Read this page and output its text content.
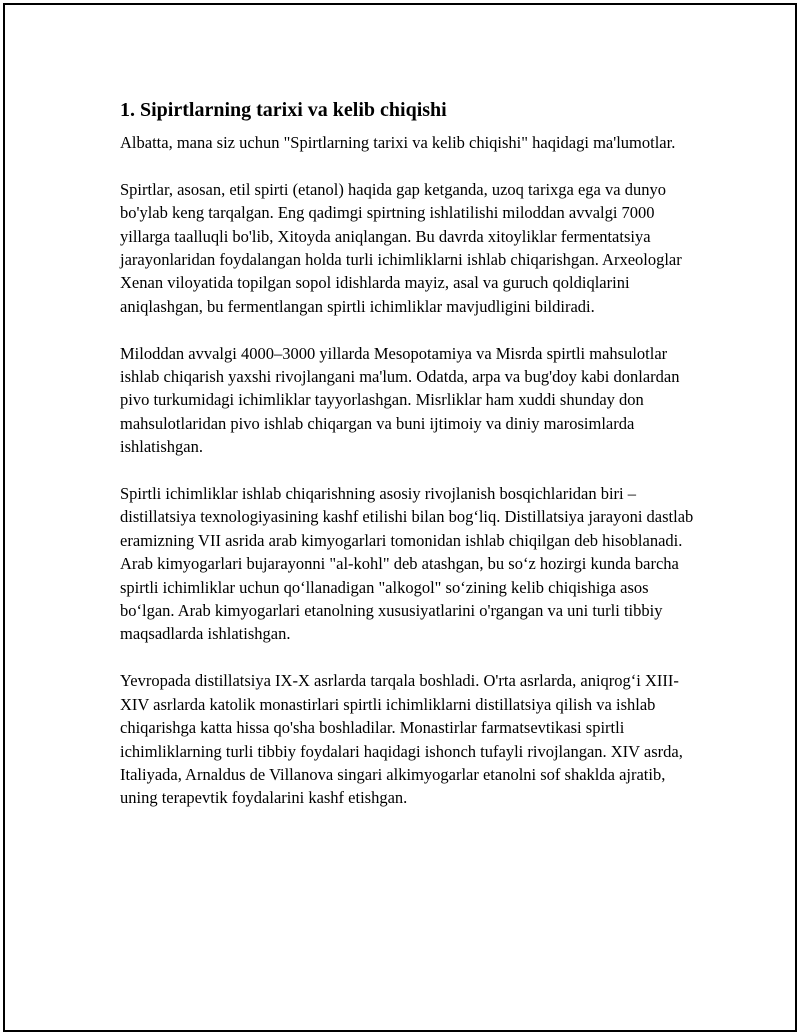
1. Sipirtlarning tarixi va kelib chiqishi

Albatta, mana siz uchun "Spirtlarning tarixi va kelib chiqishi" haqidagi ma'lumotlar.

Spirtlar, asosan, etil spirti (etanol) haqida gap ketganda, uzoq tarixga ega va dunyo bo'ylab keng tarqalgan. Eng qadimgi spirtning ishlatilishi miloddan avvalgi 7000 yillarga taalluqli bo'lib, Xitoyda aniqlangan. Bu davrda xitoyliklar fermentatsiya jarayonlaridan foydalangan holda turli ichimliklarni ishlab chiqarishgan. Arxeologlar Xenan viloyatida topilgan sopol idishlarda mayiz, asal va guruch qoldiqlarini aniqlashgan, bu fermentlangan spirtli ichimliklar mavjudligini bildiradi.

Miloddan avvalgi 4000–3000 yillarda Mesopotamiya va Misrda spirtli mahsulotlar ishlab chiqarish yaxshi rivojlangani ma'lum. Odatda, arpa va bug'doy kabi donlardan pivo turkumidagi ichimliklar tayyorlashgan. Misrliklar ham xuddi shunday don mahsulotlaridan pivo ishlab chiqargan va buni ijtimoiy va diniy marosimlarda ishlatishgan.

Spirtli ichimliklar ishlab chiqarishning asosiy rivojlanish bosqichlaridan biri – distillatsiya texnologiyasining kashf etilishi bilan bog‘liq. Distillatsiya jarayoni dastlab eramizning VII asrida arab kimyogarlari tomonidan ishlab chiqilgan deb hisoblanadi. Arab kimyogarlari bujarayonni "al-kohl" deb atashgan, bu so‘z hozirgi kunda barcha spirtli ichimliklar uchun qo‘llanadigan "alkogol" so‘zining kelib chiqishiga asos bo‘lgan. Arab kimyogarlari etanolning xususiyatlarini o'rgangan va uni turli tibbiy maqsadlarda ishlatishgan.

Yevropada distillatsiya IX-X asrlarda tarqala boshladi. O'rta asrlarda, aniqrog‘i XIII-XIV asrlarda katolik monastirlari spirtli ichimliklarni distillatsiya qilish va ishlab chiqarishga katta hissa qo'sha boshladilar. Monastirlar farmatsevtikasi spirtli ichimliklarning turli tibbiy foydalari haqidagi ishonch tufayli rivojlangan. XIV asrda, Italiyada, Arnaldus de Villanova singari alkimyogarlar etanolni sof shaklda ajratib, uning terapevtik foydalarini kashf etishgan.
